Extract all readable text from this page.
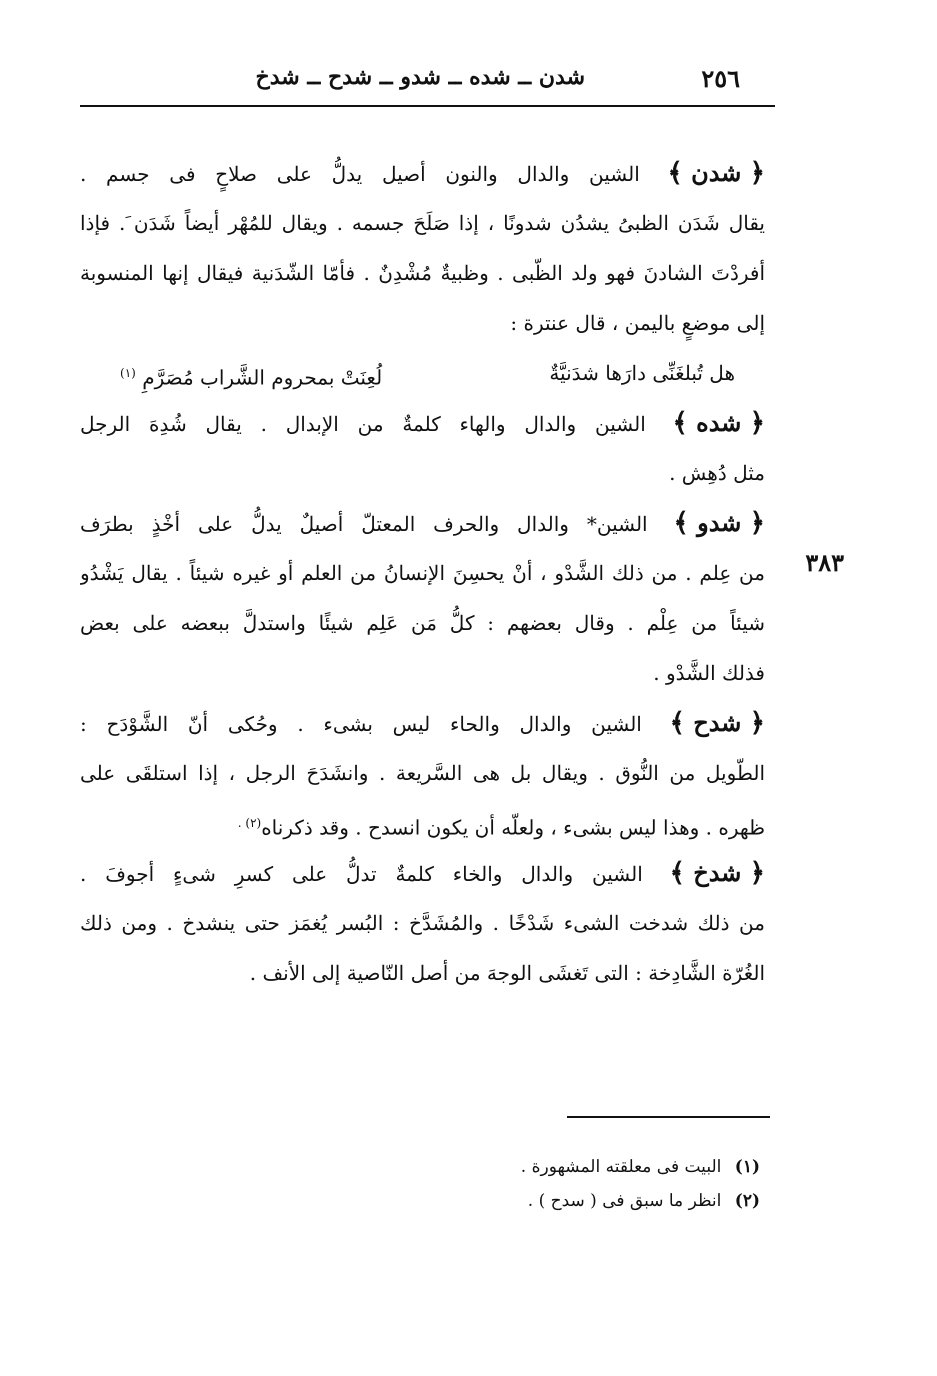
٢٥٦
شدن ــ شده ــ شدو ــ شدح ــ شدخ
٣٨٣
﴿ شدن ﴾ الشين والدال والنون أصيل يدلُّ على صلاحٍ فى جسم .
يقال شَدَن الظبىُ يشدُن شدونًا ، إذا صَلَحَ جسمه . ويقال للمُهْر أيضاً شَدَن َ. فإذا
أفردْتَ الشادنَ فهو ولد الظّبى . وظبيةٌ مُشْدِنٌ . فأمّا الشّدَنية فيقال إنها المنسوبة
إلى موضعٍ باليمن ، قال عنترة :
هل تُبلغَنِّى دارَها شدَنيَّةٌ
لُعِنَتْ بمحروم الشَّراب مُصَرَّمِ $^{(١)}$
﴿ شده ﴾ الشين والدال والهاء كلمةٌ من الإبدال . يقال شُدِهَ الرجل
مثل دُهِش .
﴿ شدو ﴾ الشين* والدال والحرف المعتلّ أصيلٌ يدلُّ على أخْذٍ بطرَف
من عِلم . من ذلك الشَّدْو ، أنْ يحسِنَ الإنسانُ من العلم أو غيره شيئاً . يقال يَشْدُو
شيئاً من عِلْم . وقال بعضهم : كلُّ مَن عَلِم شيئًا واستدلَّ ببعضه على بعض
فذلك الشَّدْو .
﴿ شدح ﴾ الشين والدال والحاء ليس بشىء . وحُكى أنّ الشَّوْدَح :
الطّويل من النُّوق . ويقال بل هى السَّريعة . وانشَدَحَ الرجل ، إذا استلقَى على
ظهره . وهذا ليس بشىء ، ولعلّه أن يكون انسدح . وقد ذكرناه$^{(٢) .}$
﴿ شدخ ﴾ الشين والدال والخاء كلمةٌ تدلُّ على كسرِ شىءٍ أجوفَ .
من ذلك شدخت الشىء شَدْخًا . والمُشَدَّخ : البُسر يُغمَز حتى ينشدخ . ومن ذلك
الغُرّة الشَّادِخة : التى تَغشَى الوجهَ من أصل النّاصية إلى الأنف .
(١) البيت فى معلقته المشهورة .
(٢) انظر ما سبق فى ( سدح ) .
